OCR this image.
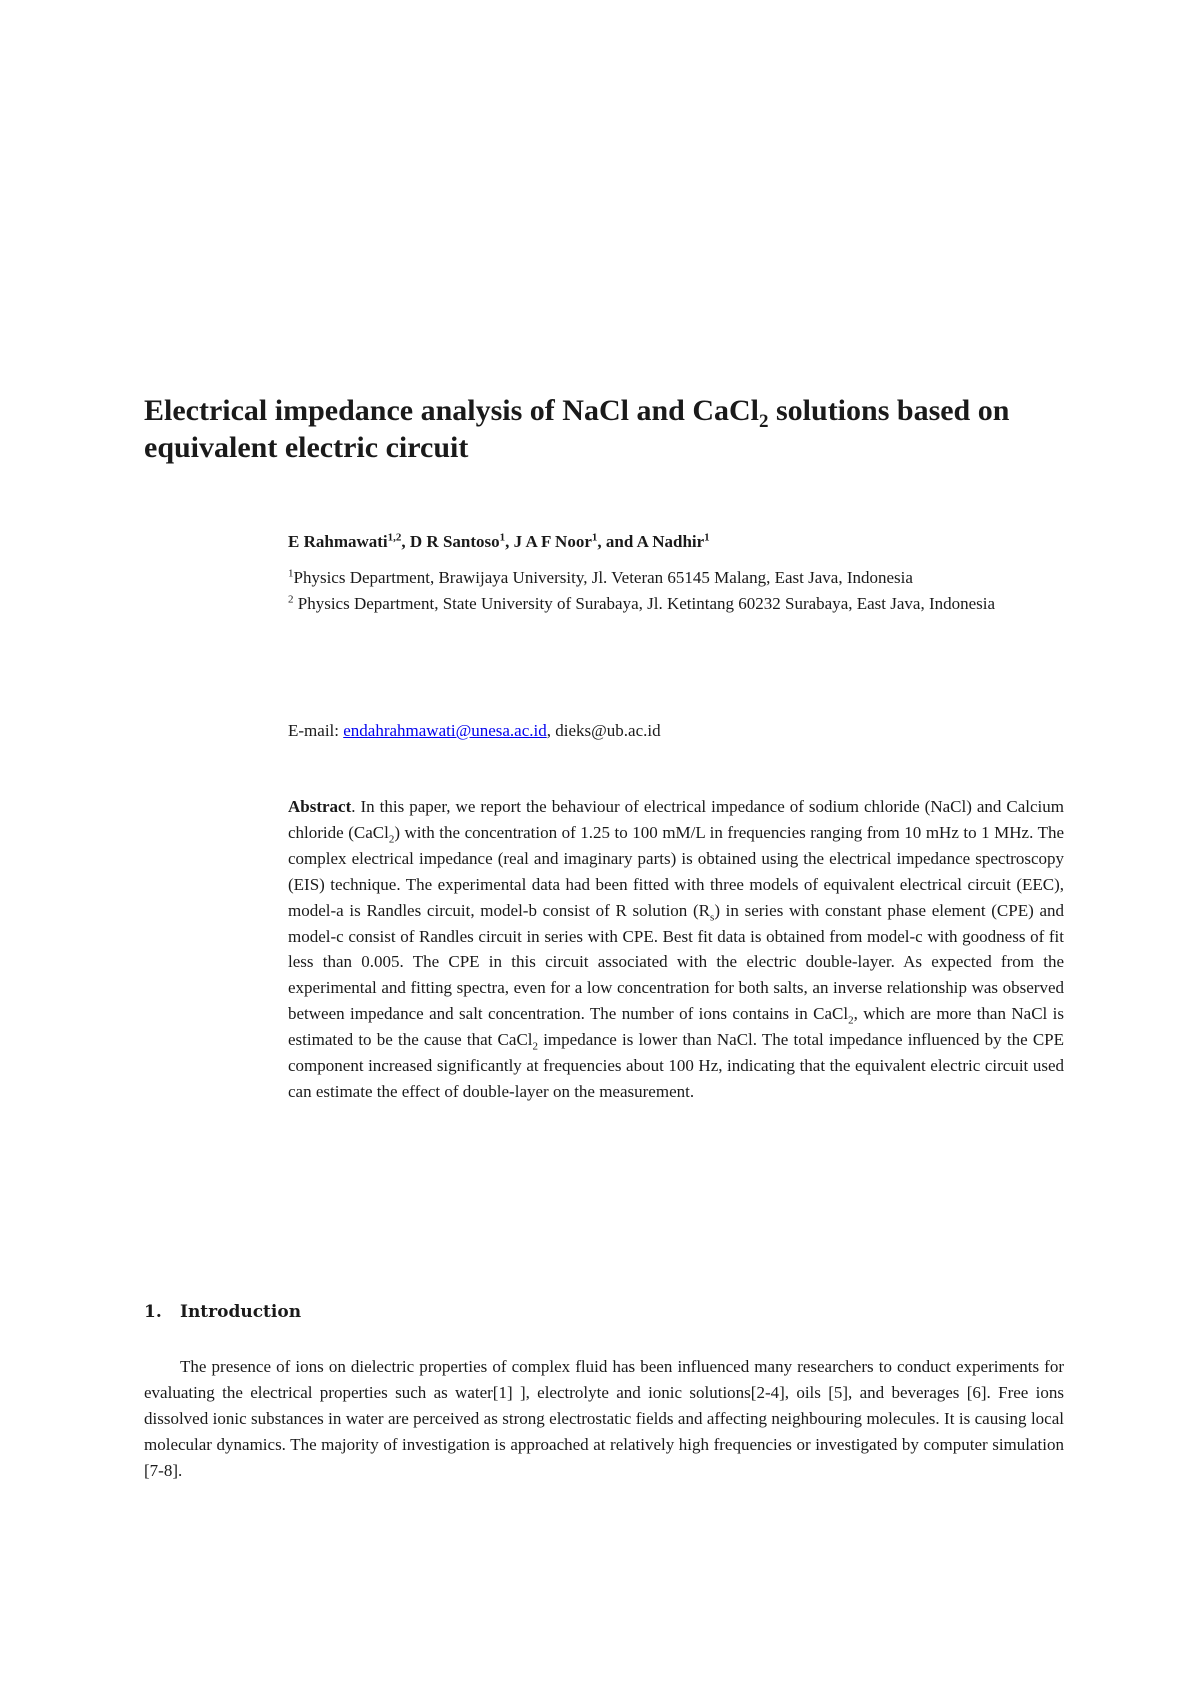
Electrical impedance analysis of NaCl and CaCl$_2$ solutions based on equivalent electric circuit
E Rahmawati$^{1,2}$, D R Santoso$^1$, J A F Noor$^1$, and A Nadhir$^1$

$^1$Physics Department, Brawijaya University, Jl. Veteran 65145 Malang, East Java, Indonesia

$^2$ Physics Department, State University of Surabaya, Jl. Ketintang 60232 Surabaya, East Java, Indonesia

E-mail: endahrahmawati@unesa.ac.id, dieks@ub.ac.id

Abstract. In this paper, we report the behaviour of electrical impedance of sodium chloride (NaCl) and Calcium chloride (CaCl$_2$) with the concentration of 1.25 to 100 mM/L in frequencies ranging from 10 mHz to 1 MHz. The complex electrical impedance (real and imaginary parts) is obtained using the electrical impedance spectroscopy (EIS) technique. The experimental data had been fitted with three models of equivalent electrical circuit (EEC), model-a is Randles circuit, model-b consist of R solution $(R_s)$ in series with constant phase element (CPE) and model-c consist of Randles circuit in series with CPE. Best fit data is obtained from model-c with goodness of fit less than 0.005. The CPE in this circuit associated with the electric double-layer. As expected from the experimental and fitting spectra, even for a low concentration for both salts, an inverse relationship was observed between impedance and salt concentration. The number of ions contains in CaCl$_2$, which are more than NaCl is estimated to be the cause that CaCl$_2$ impedance is lower than NaCl. The total impedance influenced by the CPE component increased significantly at frequencies about 100 Hz, indicating that the equivalent electric circuit used can estimate the effect of double-layer on the measurement.

1. Introduction

The presence of ions on dielectric properties of complex fluid has been influenced many researchers to conduct experiments for evaluating the electrical properties such as water[1] ], electrolyte and ionic solutions[2-4], oils [5], and beverages [6]. Free ions dissolved ionic substances in water are perceived as strong electrostatic fields and affecting neighbouring molecules. It is causing local molecular dynamics. The majority of investigation is approached at relatively high frequencies or investigated by computer simulation [7-8].
